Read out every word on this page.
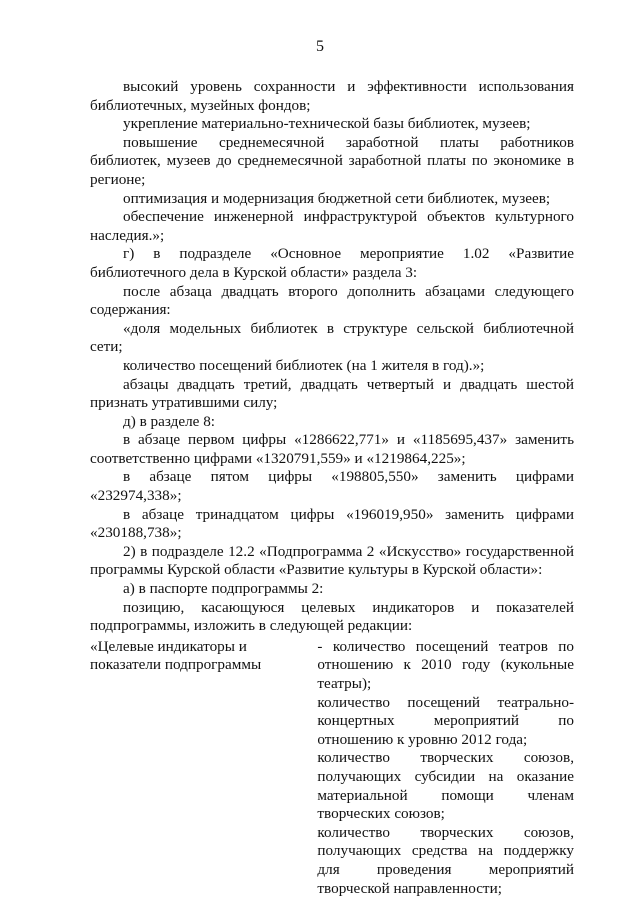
5

высокий уровень сохранности и эффективности использования библиотечных, музейных фондов;

укрепление материально-технической базы библиотек, музеев;

повышение среднемесячной заработной платы работников библиотек, музеев до среднемесячной заработной платы по экономике в регионе;

оптимизация и модернизация бюджетной сети библиотек, музеев;

обеспечение инженерной инфраструктурой объектов культурного наследия.»;

г) в подразделе «Основное мероприятие 1.02 «Развитие библиотечного дела в Курской области» раздела 3:

после абзаца двадцать второго дополнить абзацами следующего содержания:

«доля модельных библиотек в структуре сельской библиотечной сети;

количество посещений библиотек (на 1 жителя в год).»;

абзацы двадцать третий, двадцать четвертый и двадцать шестой признать утратившими силу;

д) в разделе 8:

в абзаце первом цифры «1286622,771» и «1185695,437» заменить соответственно цифрами «1320791,559» и «1219864,225»;

в абзаце пятом цифры «198805,550» заменить цифрами «232974,338»;

в абзаце тринадцатом цифры «196019,950» заменить цифрами «230188,738»;

2) в подразделе 12.2 «Подпрограмма 2 «Искусство» государственной программы Курской области «Развитие культуры в Курской области»:

а) в паспорте подпрограммы 2:

позицию, касающуюся целевых индикаторов и показателей подпрограммы, изложить в следующей редакции:

«Целевые индикаторы и показатели подпрограммы

- количество посещений театров по отношению к 2010 году (кукольные театры);

количество посещений театрально-концертных мероприятий по отношению к уровню 2012 года;

количество творческих союзов, получающих субсидии на оказание материальной помощи членам творческих союзов;

количество творческих союзов, получающих средства на поддержку для проведения мероприятий творческой направленности;
